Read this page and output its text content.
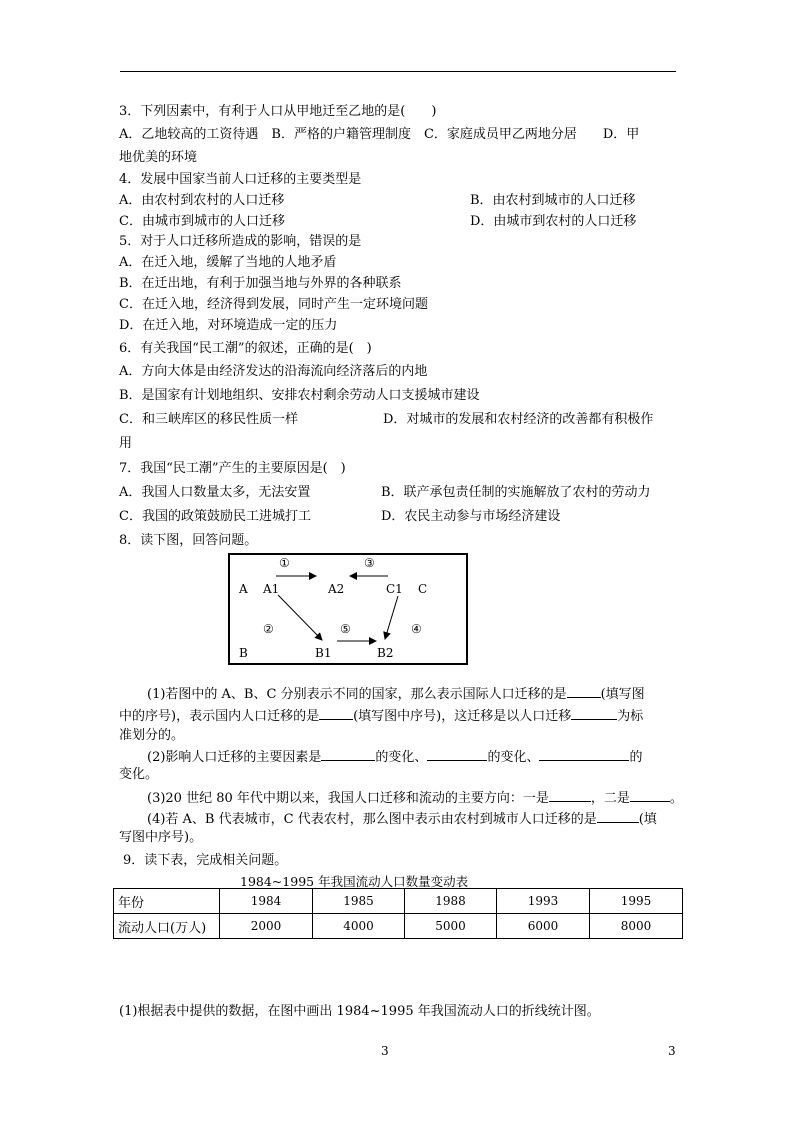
3．下列因素中，有利于人口从甲地迁至乙地的是(　　)
A．乙地较高的工资待遇　B．严格的户籍管理制度　C．家庭成员甲乙两地分居　　D．甲
地优美的环境
4．发展中国家当前人口迁移的主要类型是
A．由农村到农村的人口迁移	B．由农村到城市的人口迁移
C．由城市到城市的人口迁移	D．由城市到农村的人口迁移
5．对于人口迁移所造成的影响，错误的是
A．在迁入地，缓解了当地的人地矛盾
B．在迁出地，有利于加强当地与外界的各种联系
C．在迁入地，经济得到发展，同时产生一定环境问题
D．在迁入地，对环境造成一定的压力
6．有关我国“民工潮”的叙述，正确的是(　)
A．方向大体是由经济发达的沿海流向经济落后的内地
B．是国家有计划地组织、安排农村剩余劳动人口支援城市建设
C．和三峡库区的移民性质一样	D．对城市的发展和农村经济的改善都有积极作
用
7．我国“民工潮”产生的主要原因是(　)
A．我国人口数量太多，无法安置	B．联产承包责任制的实施解放了农村的劳动力
C．我国的政策鼓励民工进城打工	D．农民主动参与市场经济建设
8．读下图，回答问题。
①	③
A A1	A2	C1 C
②	⑤	④
B	B1	B2
(1)若图中的 A、B、C 分别表示不同的国家，那么表示国际人口迁移的是	(填写图
中的序号)，表示国内人口迁移的是	(填写图中序号)，这迁移是以人口迁移	为标
准划分的。
(2)影响人口迁移的主要因素是	的变化、	的变化、	的
变化。
(3)20 世纪 80 年代中期以来，我国人口迁移和流动的主要方向：一是	，二是	。
(4)若 A、B 代表城市，C 代表农村，那么图中表示由农村到城市人口迁移的是	(填
写图中序号)。
9．读下表，完成相关问题。
1984~1995 年我国流动人口数量变动表
年份	1984	1985	1988	1993	1995
流动人口(万人)	2000	4000	5000	6000	8000
(1)根据表中提供的数据，在图中画出 1984~1995 年我国流动人口的折线统计图。
3	3
